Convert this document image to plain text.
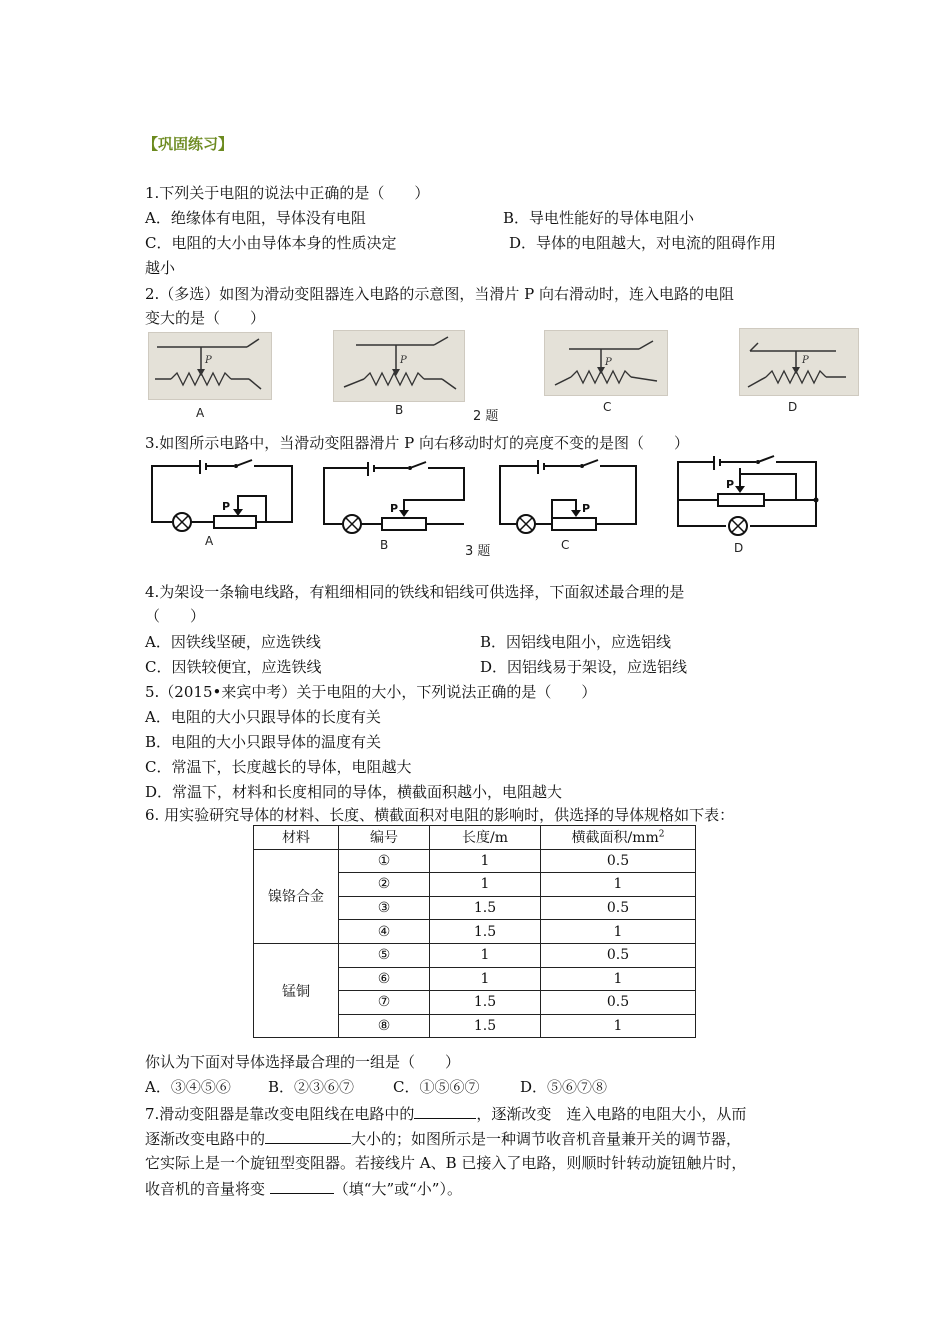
【巩固练习】
1.下列关于电阻的说法中正确的是（　　）
A．绝缘体有电阻，导体没有电阻	B．导电性能好的导体电阻小
C．电阻的大小由导体本身的性质决定	D．导体的电阻越大，对电流的阻碍作用
越小
2.（多选）如图为滑动变阻器连入电路的示意图，当滑片 P 向右滑动时，连入电路的电阻
变大的是（　　）
P
A
P
B	2 题
P
C
P
D
3.如图所示电路中，当滑动变阻器滑片 P 向右移动时灯的亮度不变的是图（　　）
P
A
P
B	3 题
P
C
P
D
4.为架设一条输电线路，有粗细相同的铁线和铝线可供选择，下面叙述最合理的是
（　　）
A．因铁线坚硬，应选铁线	B．因铝线电阻小，应选铝线
C．因铁较便宜，应选铁线	D．因铝线易于架设，应选铝线
5.（2015•来宾中考）关于电阻的大小，下列说法正确的是（　　）
A．电阻的大小只跟导体的长度有关
B．电阻的大小只跟导体的温度有关
C．常温下，长度越长的导体，电阻越大
D．常温下，材料和长度相同的导体，横截面积越小，电阻越大
6. 用实验研究导体的材料、长度、横截面积对电阻的影响时，供选择的导体规格如下表：
材料	编号	长度/m	横截面积$/mm^2$
镍铬合金	①	1	0.5
	②	1	1
	③	1.5	0.5
	④	1.5	1
锰铜	⑤	1	0.5
	⑥	1	1
	⑦	1.5	0.5
	⑧	1.5	1
你认为下面对导体选择最合理的一组是（　　）
A．③④⑤⑥ B．②③⑥⑦	C．①⑤⑥⑦	D．⑤⑥⑦⑧
7.滑动变阻器是靠改变电阻线在电路中的	，逐渐改变　连入电路的电阻大小，从而
逐渐改变电路中的	大小的；如图所示是一种调节收音机音量兼开关的调节器，
它实际上是一个旋钮型变阻器。若接线片 A、B 已接入了电路，则顺时针转动旋钮触片时，
收音机的音量将变	（填“大”或“小”）。
